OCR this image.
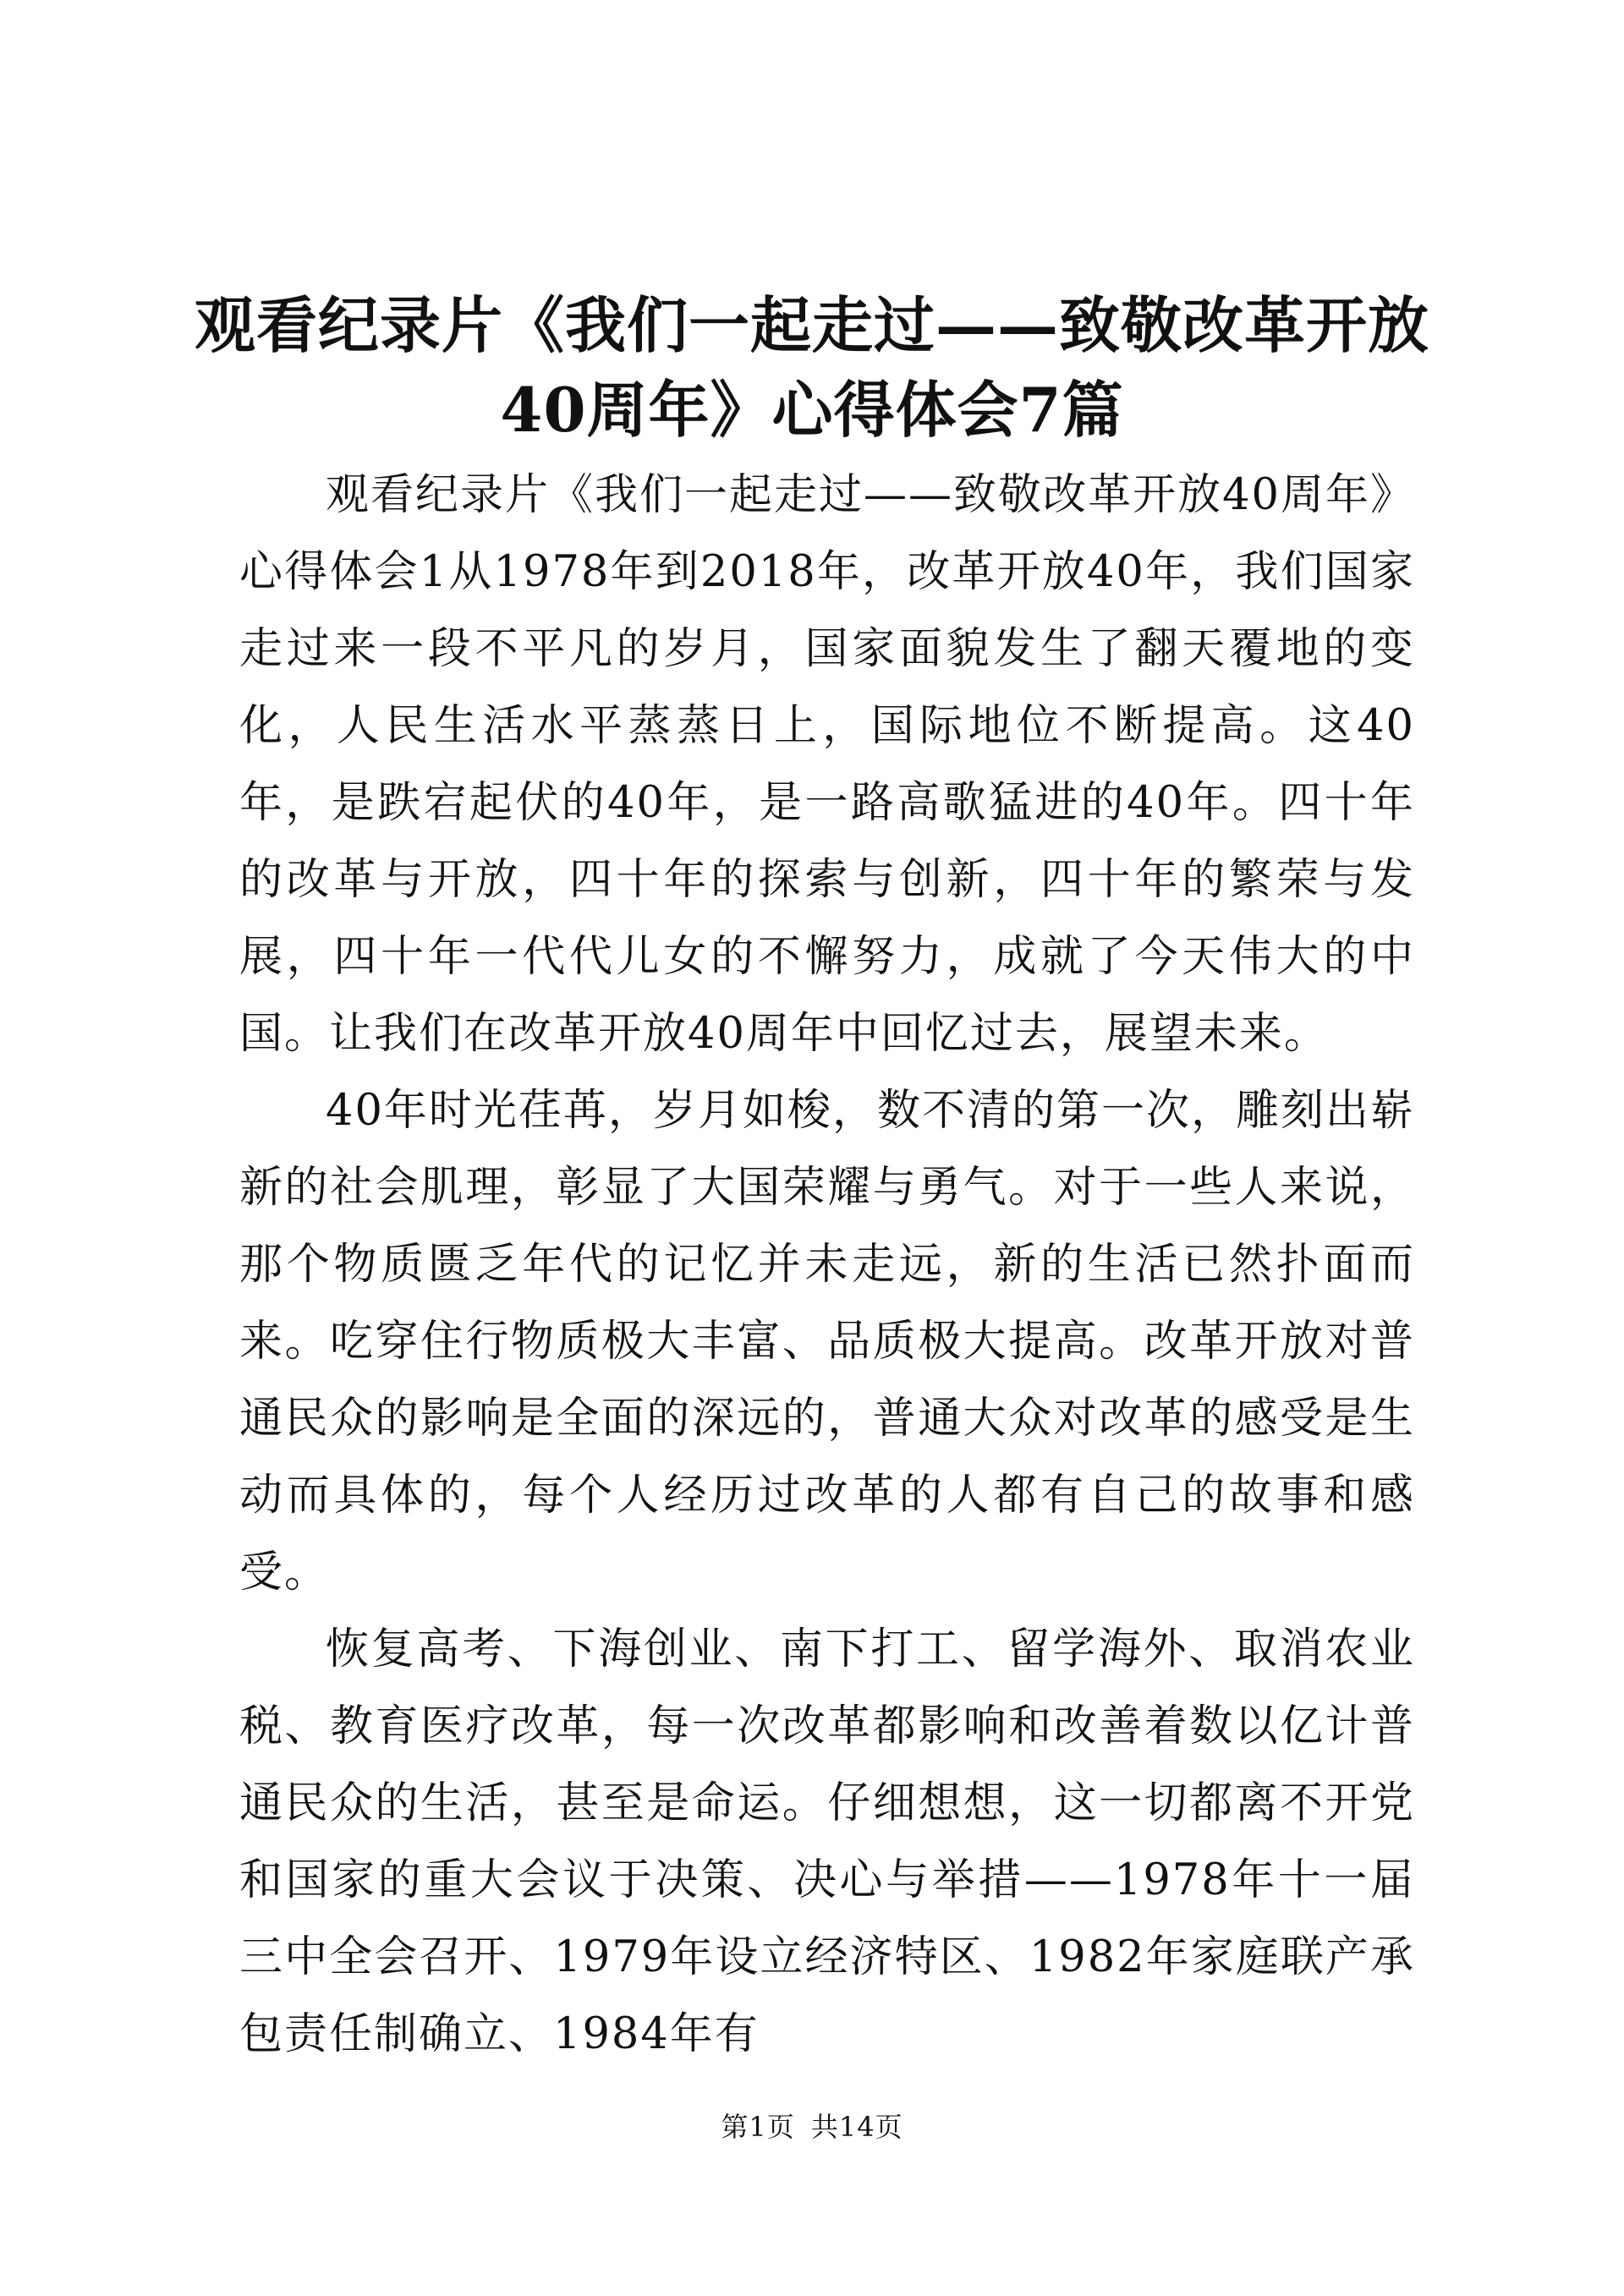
观看纪录片《我们一起走过——致敬改革开放
40周年》心得体会7篇

观看纪录片《我们一起走过——致敬改革开放40周年》心得体会1从1978年到2018年，改革开放40年，我们国家走过来一段不平凡的岁月，国家面貌发生了翻天覆地的变化，人民生活水平蒸蒸日上，国际地位不断提高。这40年，是跌宕起伏的40年，是一路高歌猛进的40年。四十年的改革与开放，四十年的探索与创新，四十年的繁荣与发展，四十年一代代儿女的不懈努力，成就了今天伟大的中国。让我们在改革开放40周年中回忆过去，展望未来。

40年时光荏苒，岁月如梭，数不清的第一次，雕刻出崭新的社会肌理，彰显了大国荣耀与勇气。对于一些人来说，那个物质匮乏年代的记忆并未走远，新的生活已然扑面而来。吃穿住行物质极大丰富、品质极大提高。改革开放对普通民众的影响是全面的深远的，普通大众对改革的感受是生动而具体的，每个人经历过改革的人都有自己的故事和感受。

恢复高考、下海创业、南下打工、留学海外、取消农业税、教育医疗改革，每一次改革都影响和改善着数以亿计普通民众的生活，甚至是命运。仔细想想，这一切都离不开党和国家的重大会议于决策、决心与举措——1978年十一届三中全会召开、1979年设立经济特区、1982年家庭联产承包责任制确立、1984年有

第1页 共14页
